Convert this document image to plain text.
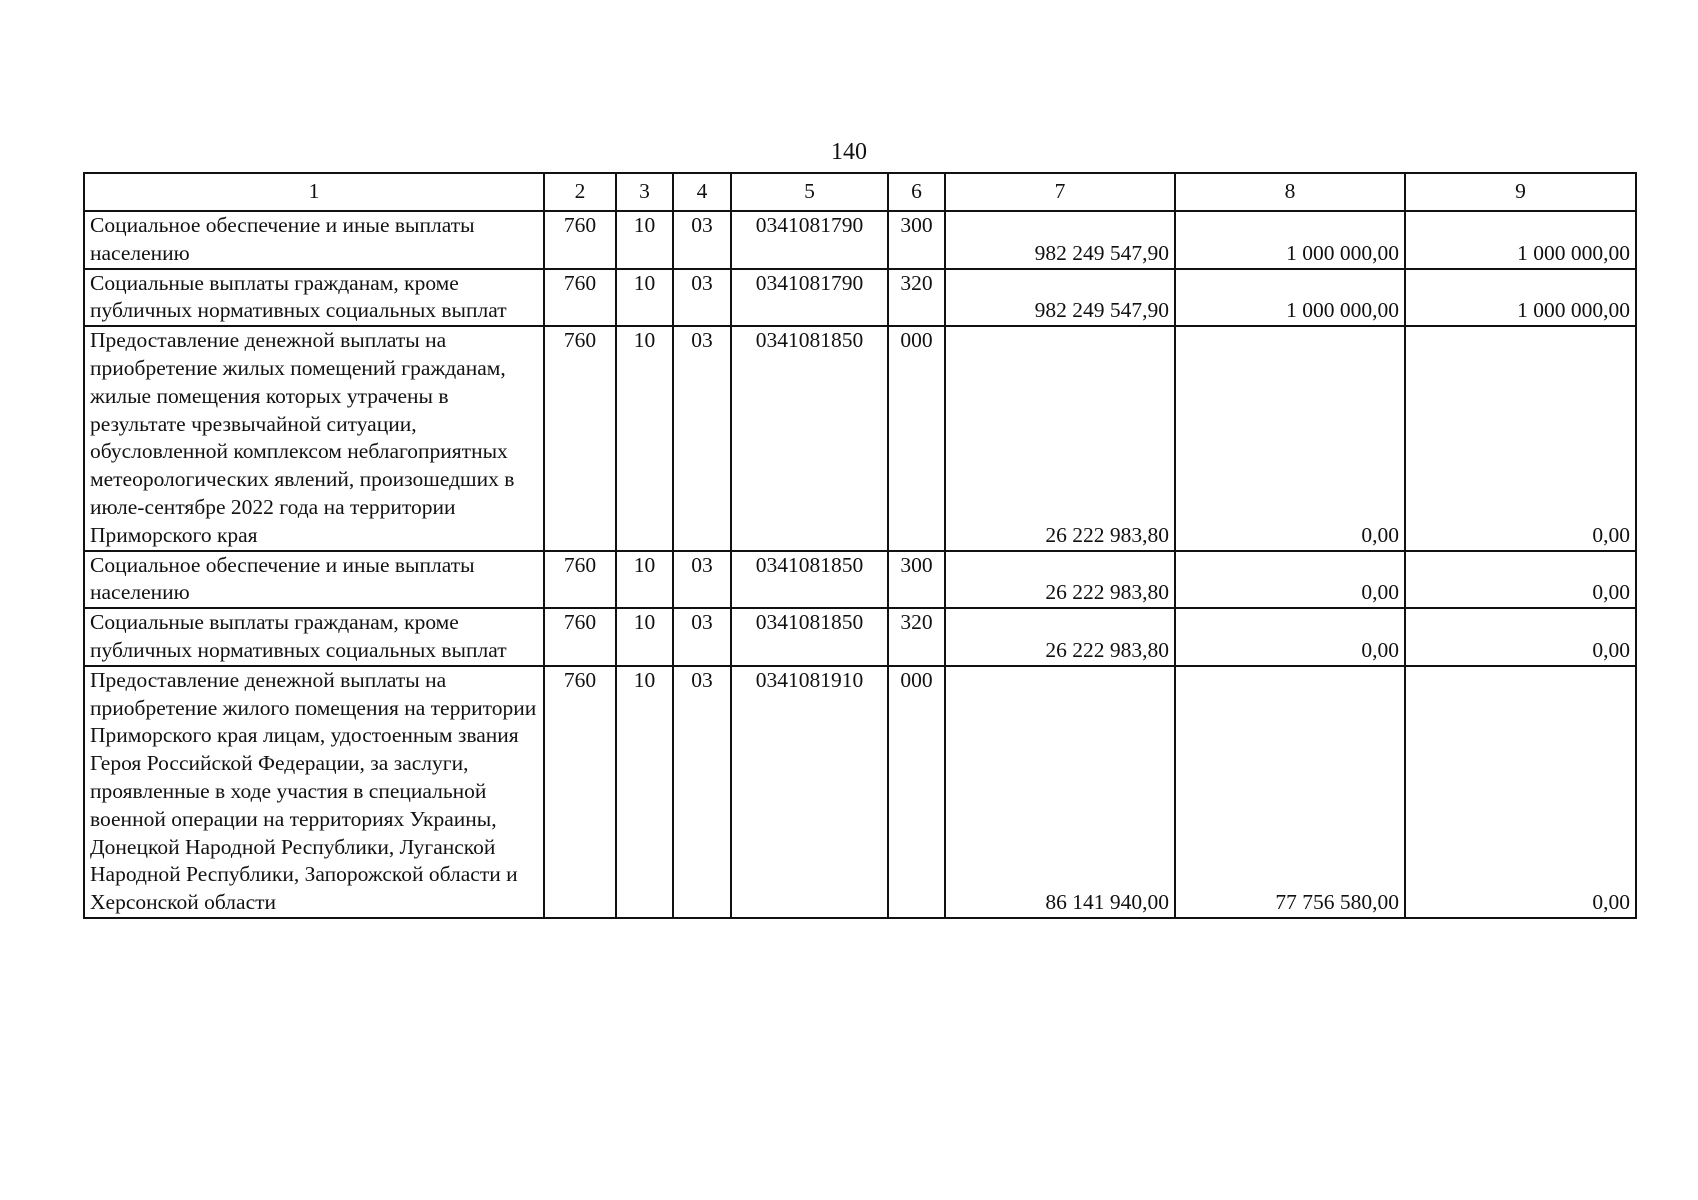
140
1	2	3	4	5	6	7	8	9
Социальное обеспечение и иные выплаты населению	760	10	03	0341081790	300	982 249 547,90	1 000 000,00	1 000 000,00
Социальные выплаты гражданам, кроме публичных нормативных социальных выплат	760	10	03	0341081790	320	982 249 547,90	1 000 000,00	1 000 000,00
Предоставление денежной выплаты на приобретение жилых помещений гражданам, жилые помещения которых утрачены в результате чрезвычайной ситуации, обусловленной комплексом неблагоприятных метеорологических явлений, произошедших в июле-сентябре 2022 года на территории Приморского края	760	10	03	0341081850	000	26 222 983,80	0,00	0,00
Социальное обеспечение и иные выплаты населению	760	10	03	0341081850	300	26 222 983,80	0,00	0,00
Социальные выплаты гражданам, кроме публичных нормативных социальных выплат	760	10	03	0341081850	320	26 222 983,80	0,00	0,00
Предоставление денежной выплаты на приобретение жилого помещения на территории Приморского края лицам, удостоенным звания Героя Российской Федерации, за заслуги, проявленные в ходе участия в специальной военной операции на территориях Украины, Донецкой Народной Республики, Луганской Народной Республики, Запорожской области и Херсонской области	760	10	03	0341081910	000	86 141 940,00	77 756 580,00	0,00
